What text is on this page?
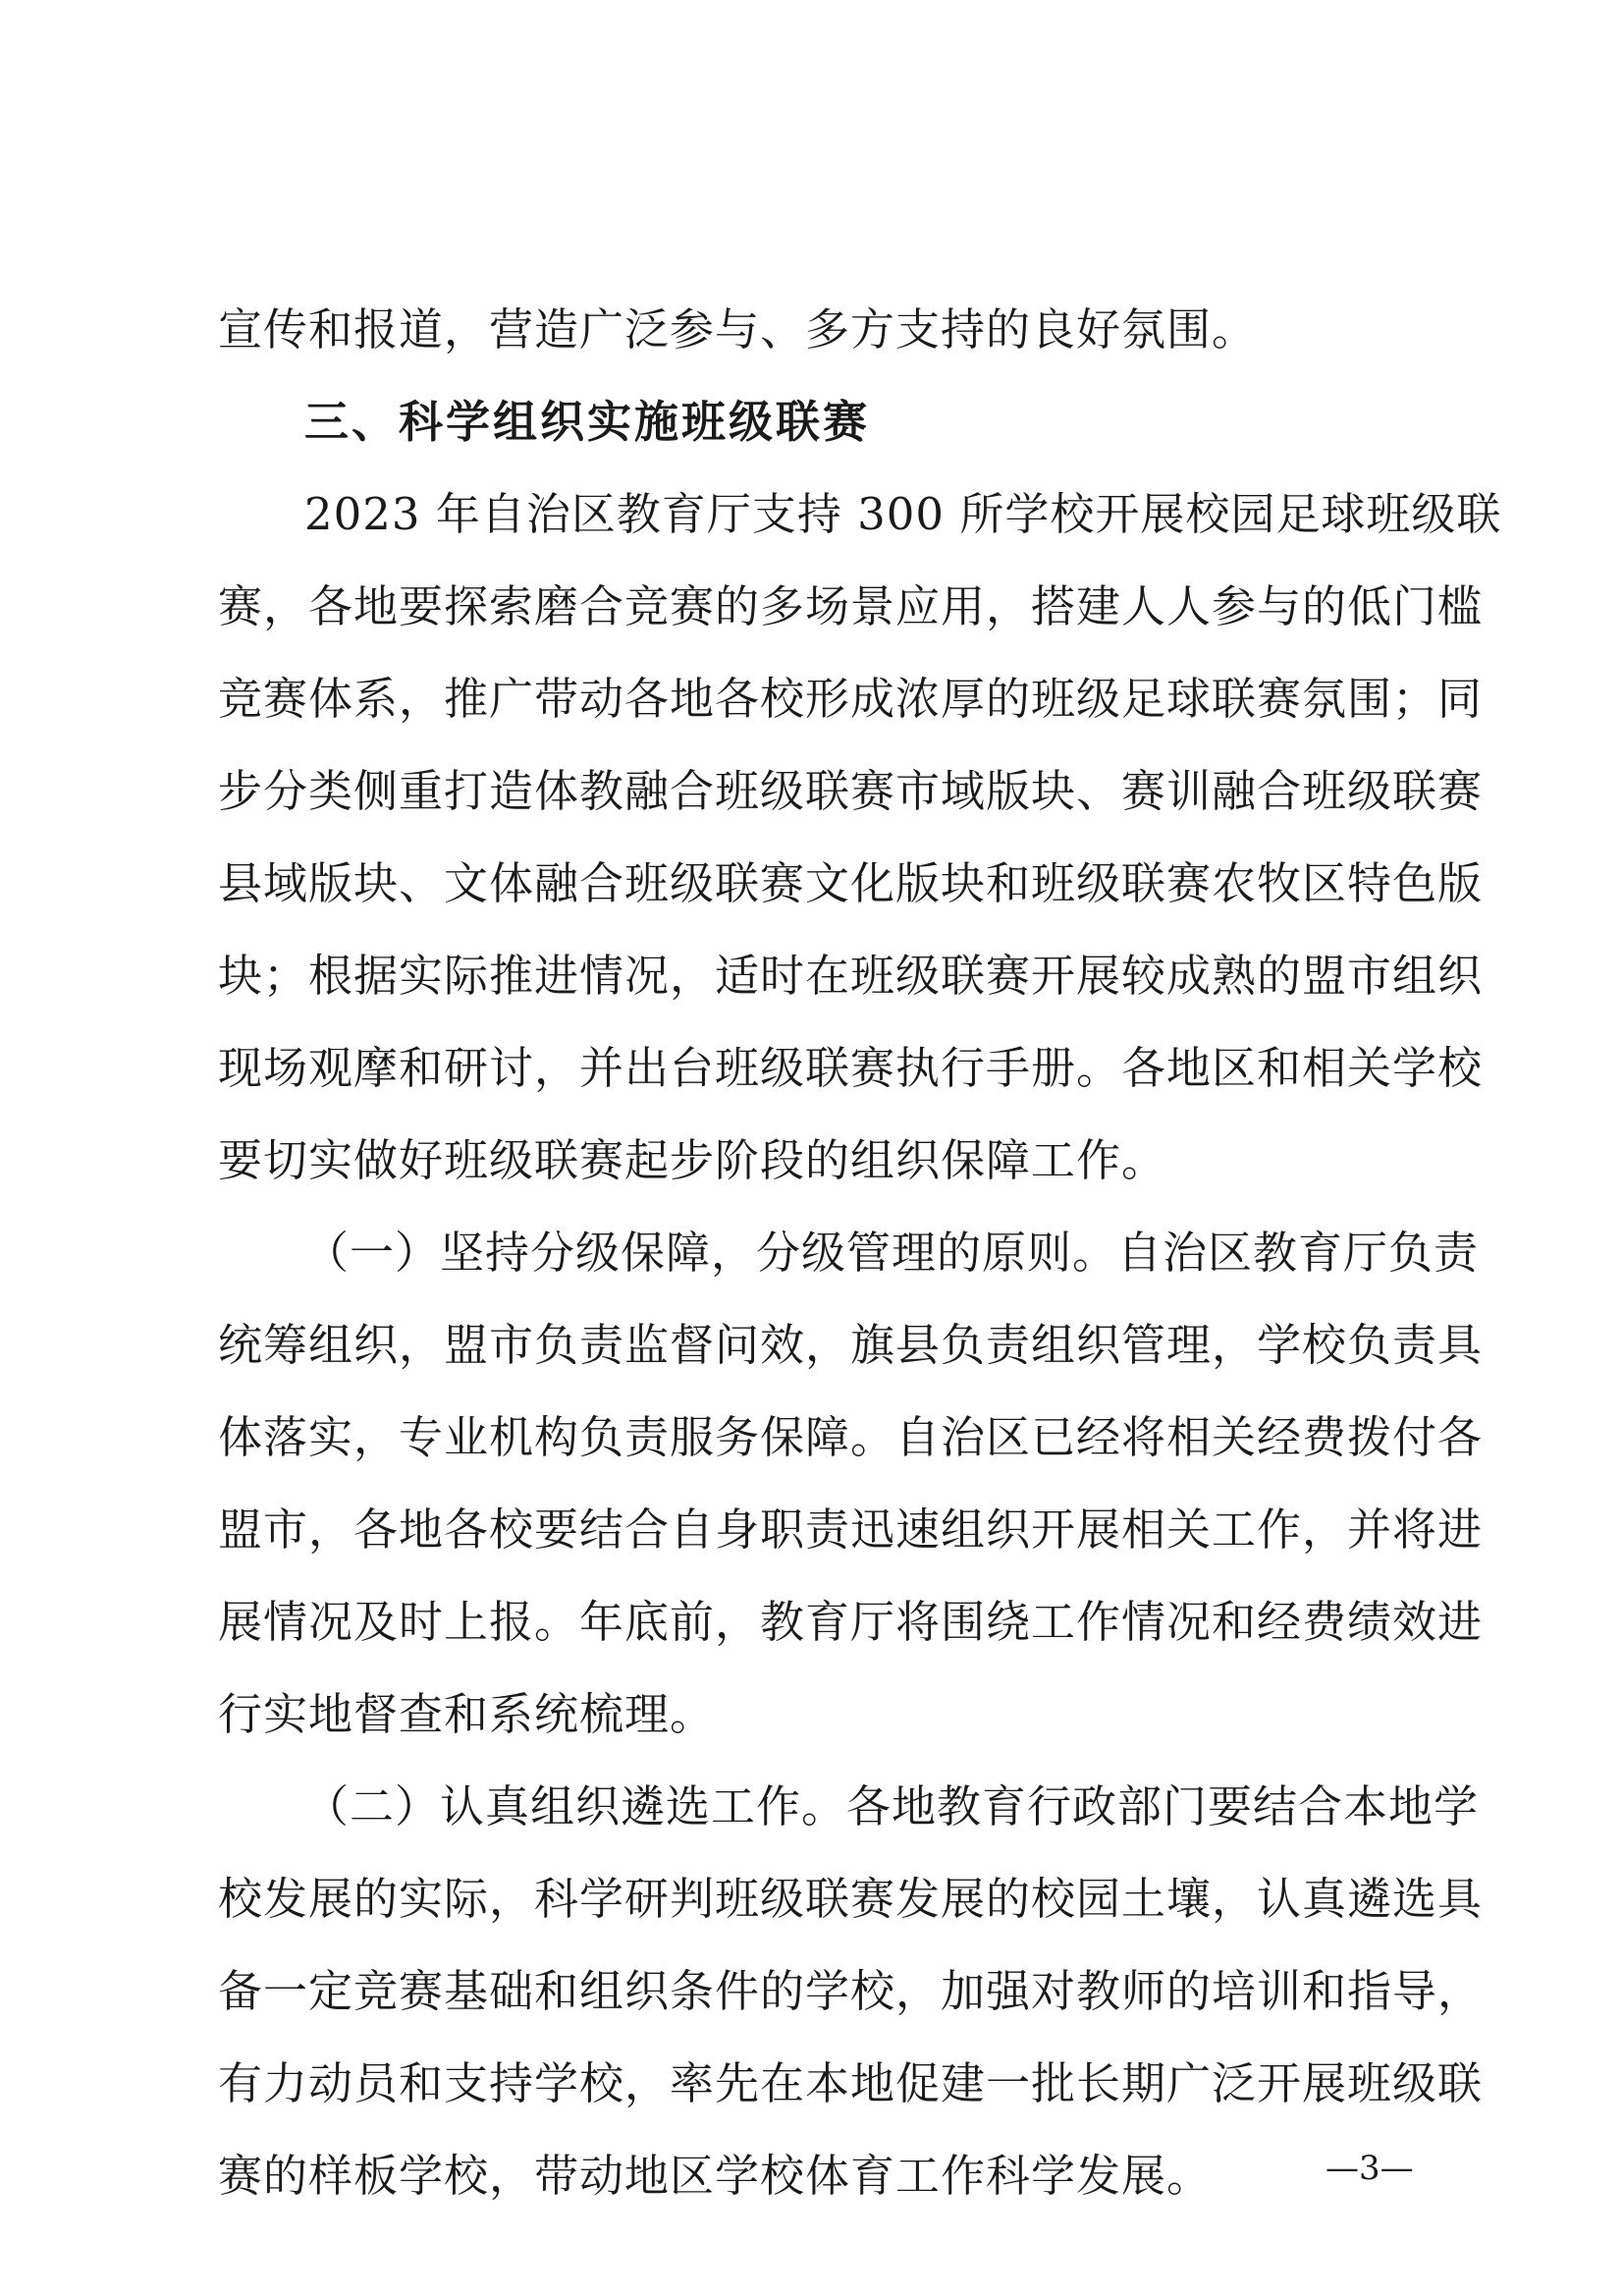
宣传和报道，营造广泛参与、多方支持的良好氛围。
三、科学组织实施班级联赛
2023 年自治区教育厅支持 300 所学校开展校园足球班级联
赛，各地要探索磨合竞赛的多场景应用，搭建人人参与的低门槛
竞赛体系，推广带动各地各校形成浓厚的班级足球联赛氛围；同
步分类侧重打造体教融合班级联赛市域版块、赛训融合班级联赛
县域版块、文体融合班级联赛文化版块和班级联赛农牧区特色版
块；根据实际推进情况，适时在班级联赛开展较成熟的盟市组织
现场观摩和研讨，并出台班级联赛执行手册。各地区和相关学校
要切实做好班级联赛起步阶段的组织保障工作。
（一）坚持分级保障，分级管理的原则。自治区教育厅负责
统筹组织，盟市负责监督问效，旗县负责组织管理，学校负责具
体落实，专业机构负责服务保障。自治区已经将相关经费拨付各
盟市，各地各校要结合自身职责迅速组织开展相关工作，并将进
展情况及时上报。年底前，教育厅将围绕工作情况和经费绩效进
行实地督查和系统梳理。
（二）认真组织遴选工作。各地教育行政部门要结合本地学
校发展的实际，科学研判班级联赛发展的校园土壤，认真遴选具
备一定竞赛基础和组织条件的学校，加强对教师的培训和指导，
有力动员和支持学校，率先在本地促建一批长期广泛开展班级联
赛的样板学校，带动地区学校体育工作科学发展。	—3—
